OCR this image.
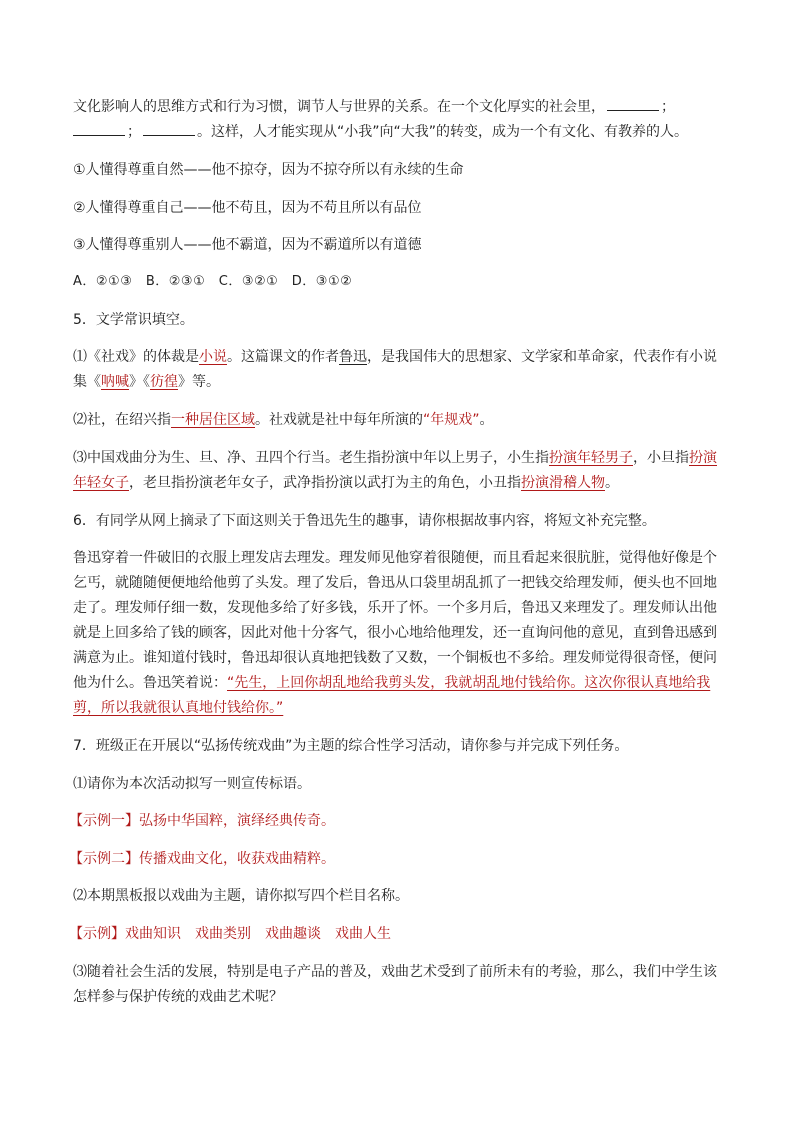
文化影响人的思维方式和行为习惯，调节人与世界的关系。在一个文化厚实的社会里，	；
；	。这样，人才能实现从“小我”向“大我”的转变，成为一个有文化、有教养的人。
①人懂得尊重自然——他不掠夺，因为不掠夺所以有永续的生命
②人懂得尊重自己——他不苟且，因为不苟且所以有品位
③人懂得尊重别人——他不霸道，因为不霸道所以有道德
A．②①③　B．②③①　C．③②①　D．③①②
5．文学常识填空。
⑴《社戏》的体裁是小说。这篇课文的作者鲁迅，是我国伟大的思想家、文学家和革命家，代表作有小说
集《呐喊》《彷徨》等。
⑵社，在绍兴指一种居住区域。社戏就是社中每年所演的“年规戏”。
⑶中国戏曲分为生、旦、净、丑四个行当。老生指扮演中年以上男子，小生指扮演年轻男子，小旦指扮演
年轻女子，老旦指扮演老年女子，武净指扮演以武打为主的角色，小丑指扮演滑稽人物。
6．有同学从网上摘录了下面这则关于鲁迅先生的趣事，请你根据故事内容，将短文补充完整。
鲁迅穿着一件破旧的衣服上理发店去理发。理发师见他穿着很随便，而且看起来很肮脏，觉得他好像是个
乞丐，就随随便便地给他剪了头发。理了发后，鲁迅从口袋里胡乱抓了一把钱交给理发师，便头也不回地
走了。理发师仔细一数，发现他多给了好多钱，乐开了怀。一个多月后，鲁迅又来理发了。理发师认出他
就是上回多给了钱的顾客，因此对他十分客气，很小心地给他理发，还一直询问他的意见，直到鲁迅感到
满意为止。谁知道付钱时，鲁迅却很认真地把钱数了又数，一个铜板也不多给。理发师觉得很奇怪，便问
他为什么。鲁迅笑着说：“先生，上回你胡乱地给我剪头发，我就胡乱地付钱给你。这次你很认真地给我
剪，所以我就很认真地付钱给你。”
7．班级正在开展以“弘扬传统戏曲”为主题的综合性学习活动，请你参与并完成下列任务。
⑴请你为本次活动拟写一则宣传标语。
【示例一】弘扬中华国粹，演绎经典传奇。
【示例二】传播戏曲文化，收获戏曲精粹。
⑵本期黑板报以戏曲为主题，请你拟写四个栏目名称。
【示例】戏曲知识　戏曲类别　戏曲趣谈　戏曲人生
⑶随着社会生活的发展，特别是电子产品的普及，戏曲艺术受到了前所未有的考验，那么，我们中学生该
怎样参与保护传统的戏曲艺术呢？
